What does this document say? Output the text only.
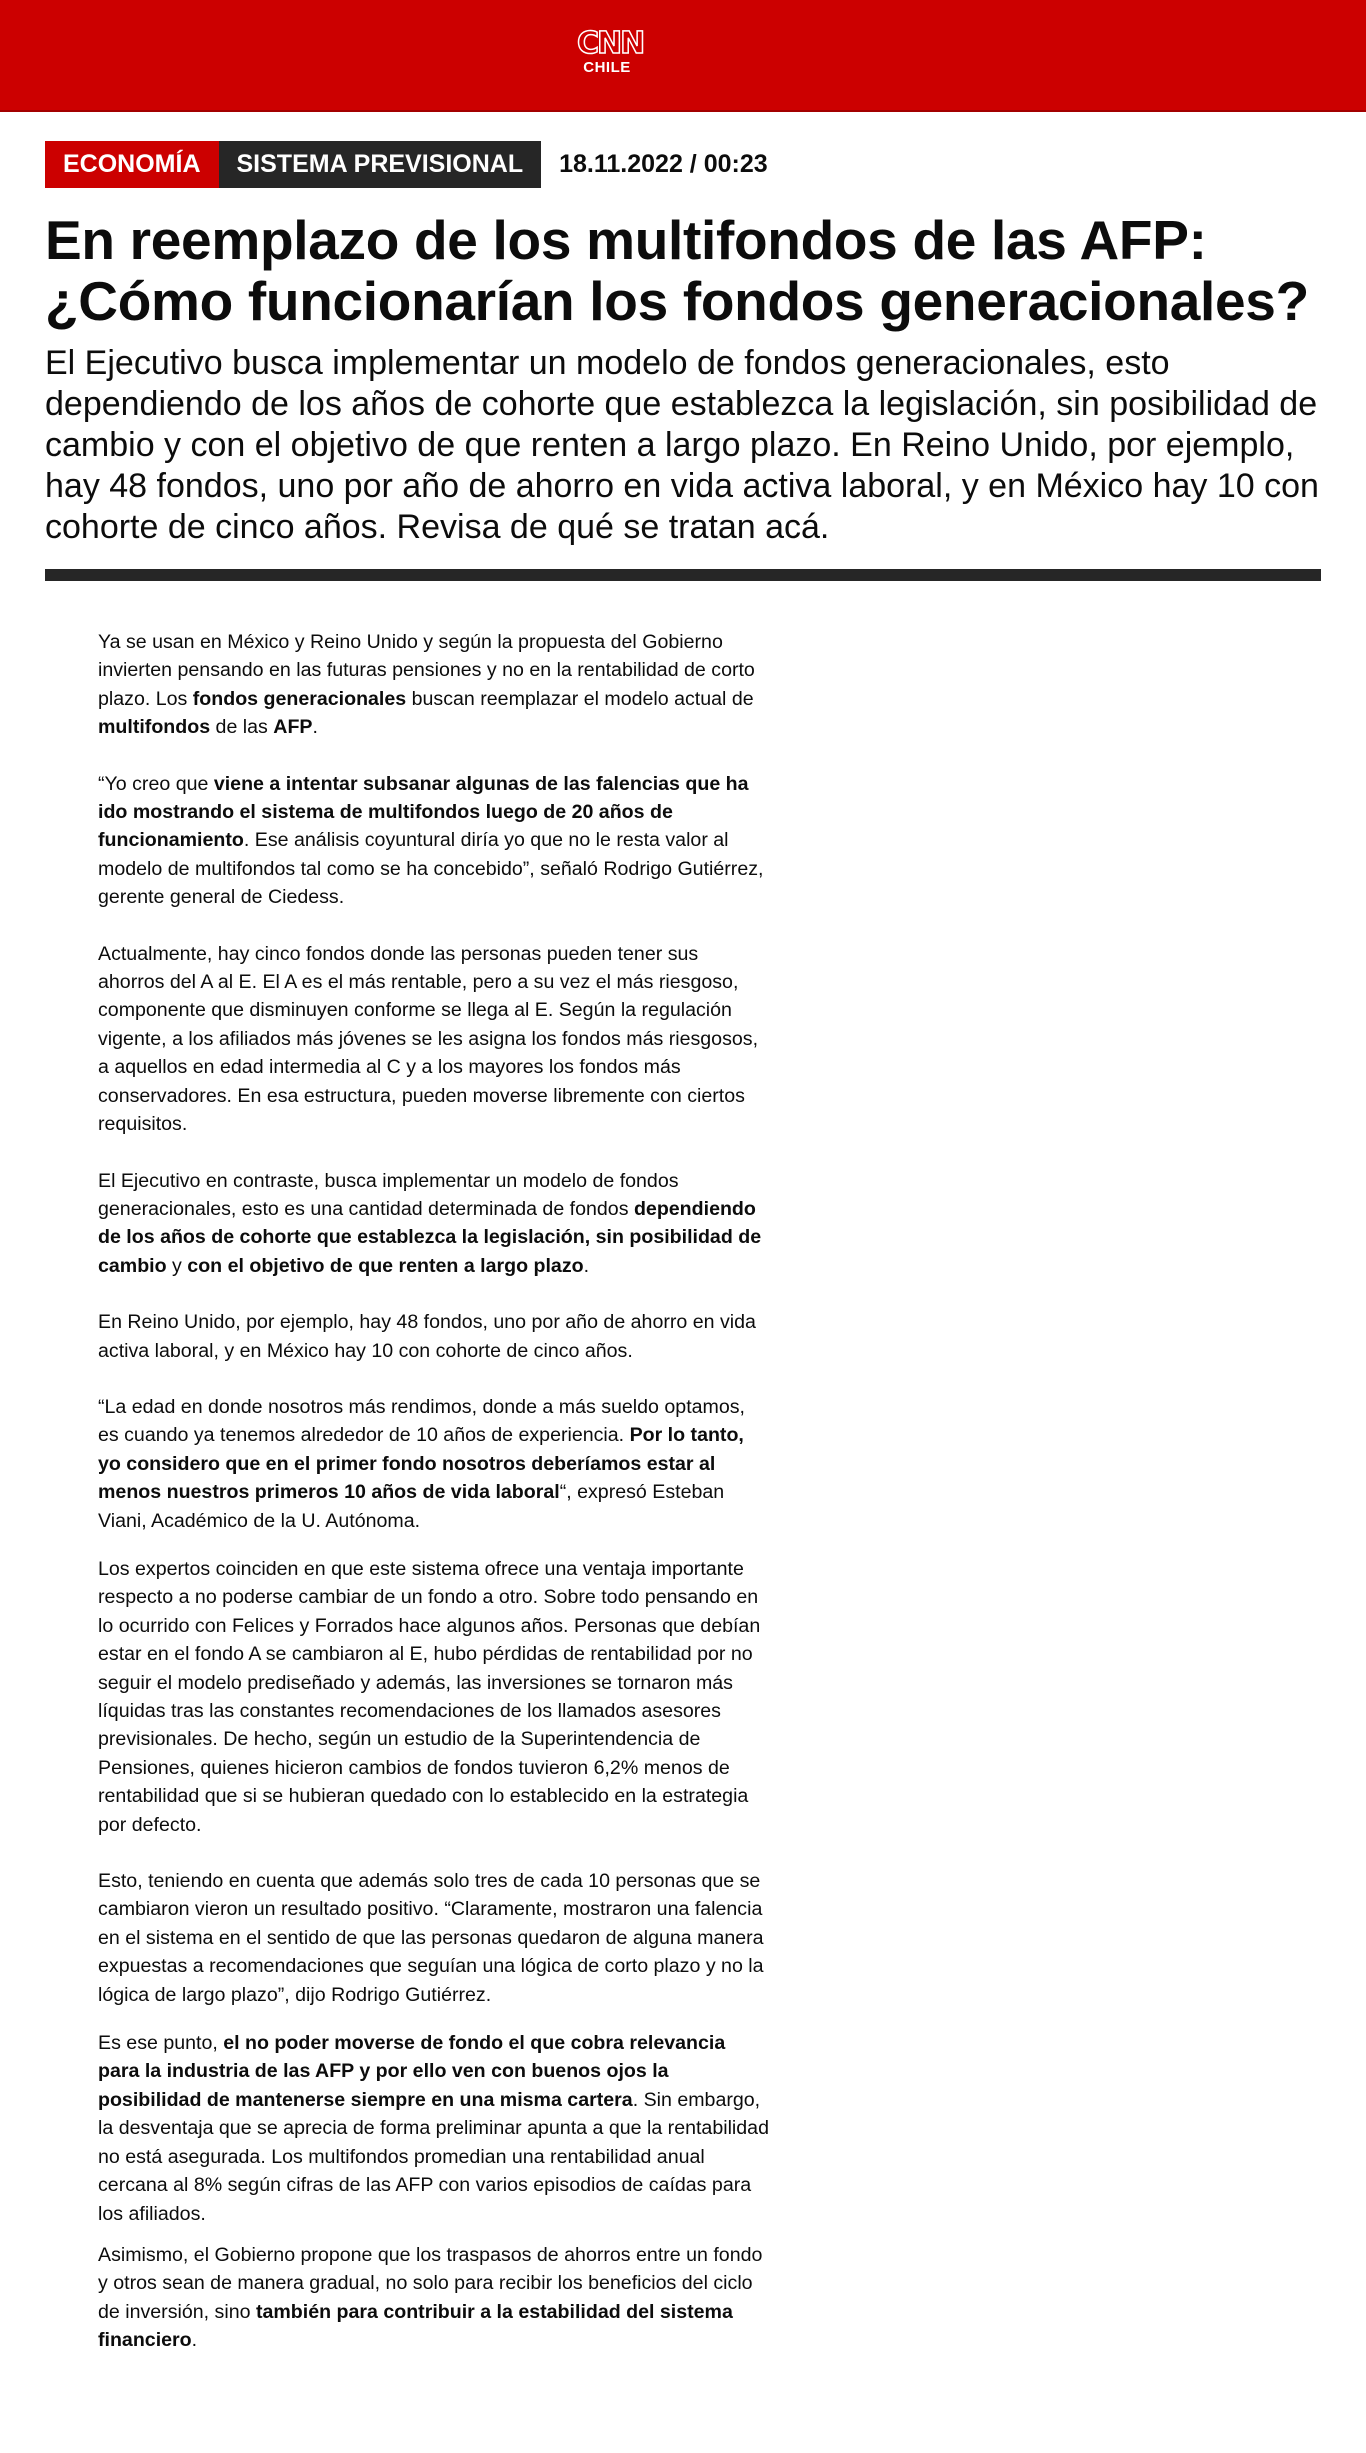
CNN
CHILE
ECONOMÍA	SISTEMA PREVISIONAL	18.11.2022 / 00:23
En reemplazo de los multifondos de las AFP: ¿Cómo funcionarían los fondos generacionales?

El Ejecutivo busca implementar un modelo de fondos generacionales, esto dependiendo de los años de cohorte que establezca la legislación, sin posibilidad de cambio y con el objetivo de que renten a largo plazo. En Reino Unido, por ejemplo, hay 48 fondos, uno por año de ahorro en vida activa laboral, y en México hay 10 con cohorte de cinco años. Revisa de qué se tratan acá.

Ya se usan en México y Reino Unido y según la propuesta del Gobierno invierten pensando en las futuras pensiones y no en la rentabilidad de corto plazo. Los fondos generacionales buscan reemplazar el modelo actual de multifondos de las AFP.

“Yo creo que viene a intentar subsanar algunas de las falencias que ha ido mostrando el sistema de multifondos luego de 20 años de funcionamiento. Ese análisis coyuntural diría yo que no le resta valor al modelo de multifondos tal como se ha concebido”, señaló Rodrigo Gutiérrez, gerente general de Ciedess.

Actualmente, hay cinco fondos donde las personas pueden tener sus ahorros del A al E. El A es el más rentable, pero a su vez el más riesgoso, componente que disminuyen conforme se llega al E. Según la regulación vigente, a los afiliados más jóvenes se les asigna los fondos más riesgosos, a aquellos en edad intermedia al C y a los mayores los fondos más conservadores. En esa estructura, pueden moverse libremente con ciertos requisitos.

El Ejecutivo en contraste, busca implementar un modelo de fondos generacionales, esto es una cantidad determinada de fondos dependiendo de los años de cohorte que establezca la legislación, sin posibilidad de cambio y con el objetivo de que renten a largo plazo.

En Reino Unido, por ejemplo, hay 48 fondos, uno por año de ahorro en vida activa laboral, y en México hay 10 con cohorte de cinco años.

“La edad en donde nosotros más rendimos, donde a más sueldo optamos, es cuando ya tenemos alrededor de 10 años de experiencia. Por lo tanto, yo considero que en el primer fondo nosotros deberíamos estar al menos nuestros primeros 10 años de vida laboral“, expresó Esteban Viani, Académico de la U. Autónoma.

Los expertos coinciden en que este sistema ofrece una ventaja importante respecto a no poderse cambiar de un fondo a otro. Sobre todo pensando en lo ocurrido con Felices y Forrados hace algunos años. Personas que debían estar en el fondo A se cambiaron al E, hubo pérdidas de rentabilidad por no seguir el modelo prediseñado y además, las inversiones se tornaron más líquidas tras las constantes recomendaciones de los llamados asesores previsionales. De hecho, según un estudio de la Superintendencia de Pensiones, quienes hicieron cambios de fondos tuvieron 6,2% menos de rentabilidad que si se hubieran quedado con lo establecido en la estrategia por defecto.

Esto, teniendo en cuenta que además solo tres de cada 10 personas que se cambiaron vieron un resultado positivo. “Claramente, mostraron una falencia en el sistema en el sentido de que las personas quedaron de alguna manera expuestas a recomendaciones que seguían una lógica de corto plazo y no la lógica de largo plazo”, dijo Rodrigo Gutiérrez.

Es ese punto, el no poder moverse de fondo el que cobra relevancia para la industria de las AFP y por ello ven con buenos ojos la posibilidad de mantenerse siempre en una misma cartera. Sin embargo, la desventaja que se aprecia de forma preliminar apunta a que la rentabilidad no está asegurada. Los multifondos promedian una rentabilidad anual cercana al 8% según cifras de las AFP con varios episodios de caídas para los afiliados.

Asimismo, el Gobierno propone que los traspasos de ahorros entre un fondo y otros sean de manera gradual, no solo para recibir los beneficios del ciclo de inversión, sino también para contribuir a la estabilidad del sistema financiero.
